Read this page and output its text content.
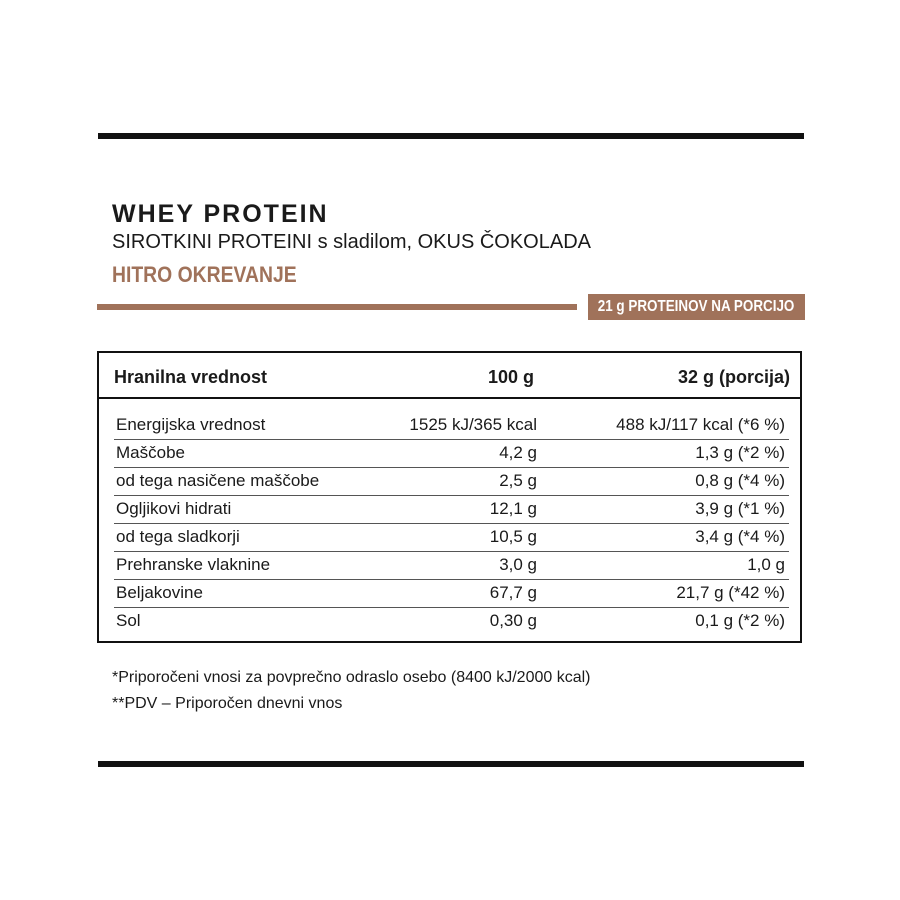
WHEY PROTEIN
SIROTKINI PROTEINI s sladilom, OKUS ČOKOLADA
HITRO OKREVANJE
21 g PROTEINOV NA PORCIJO
Hranilna vrednost	100 g	32 g (porcija)
Energijska vrednost	1525 kJ/365 kcal	488 kJ/117 kcal (*6 %)
Maščobe	4,2 g	1,3 g (*2 %)
od tega nasičene maščobe	2,5 g	0,8 g (*4 %)
Ogljikovi hidrati	12,1 g	3,9 g (*1 %)
od tega sladkorji	10,5 g	3,4 g (*4 %)
Prehranske vlaknine	3,0 g	1,0 g
Beljakovine	67,7 g	21,7 g (*42 %)
Sol	0,30 g	0,1 g (*2 %)
*Priporočeni vnosi za povprečno odraslo osebo (8400 kJ/2000 kcal)
**PDV – Priporočen dnevni vnos
